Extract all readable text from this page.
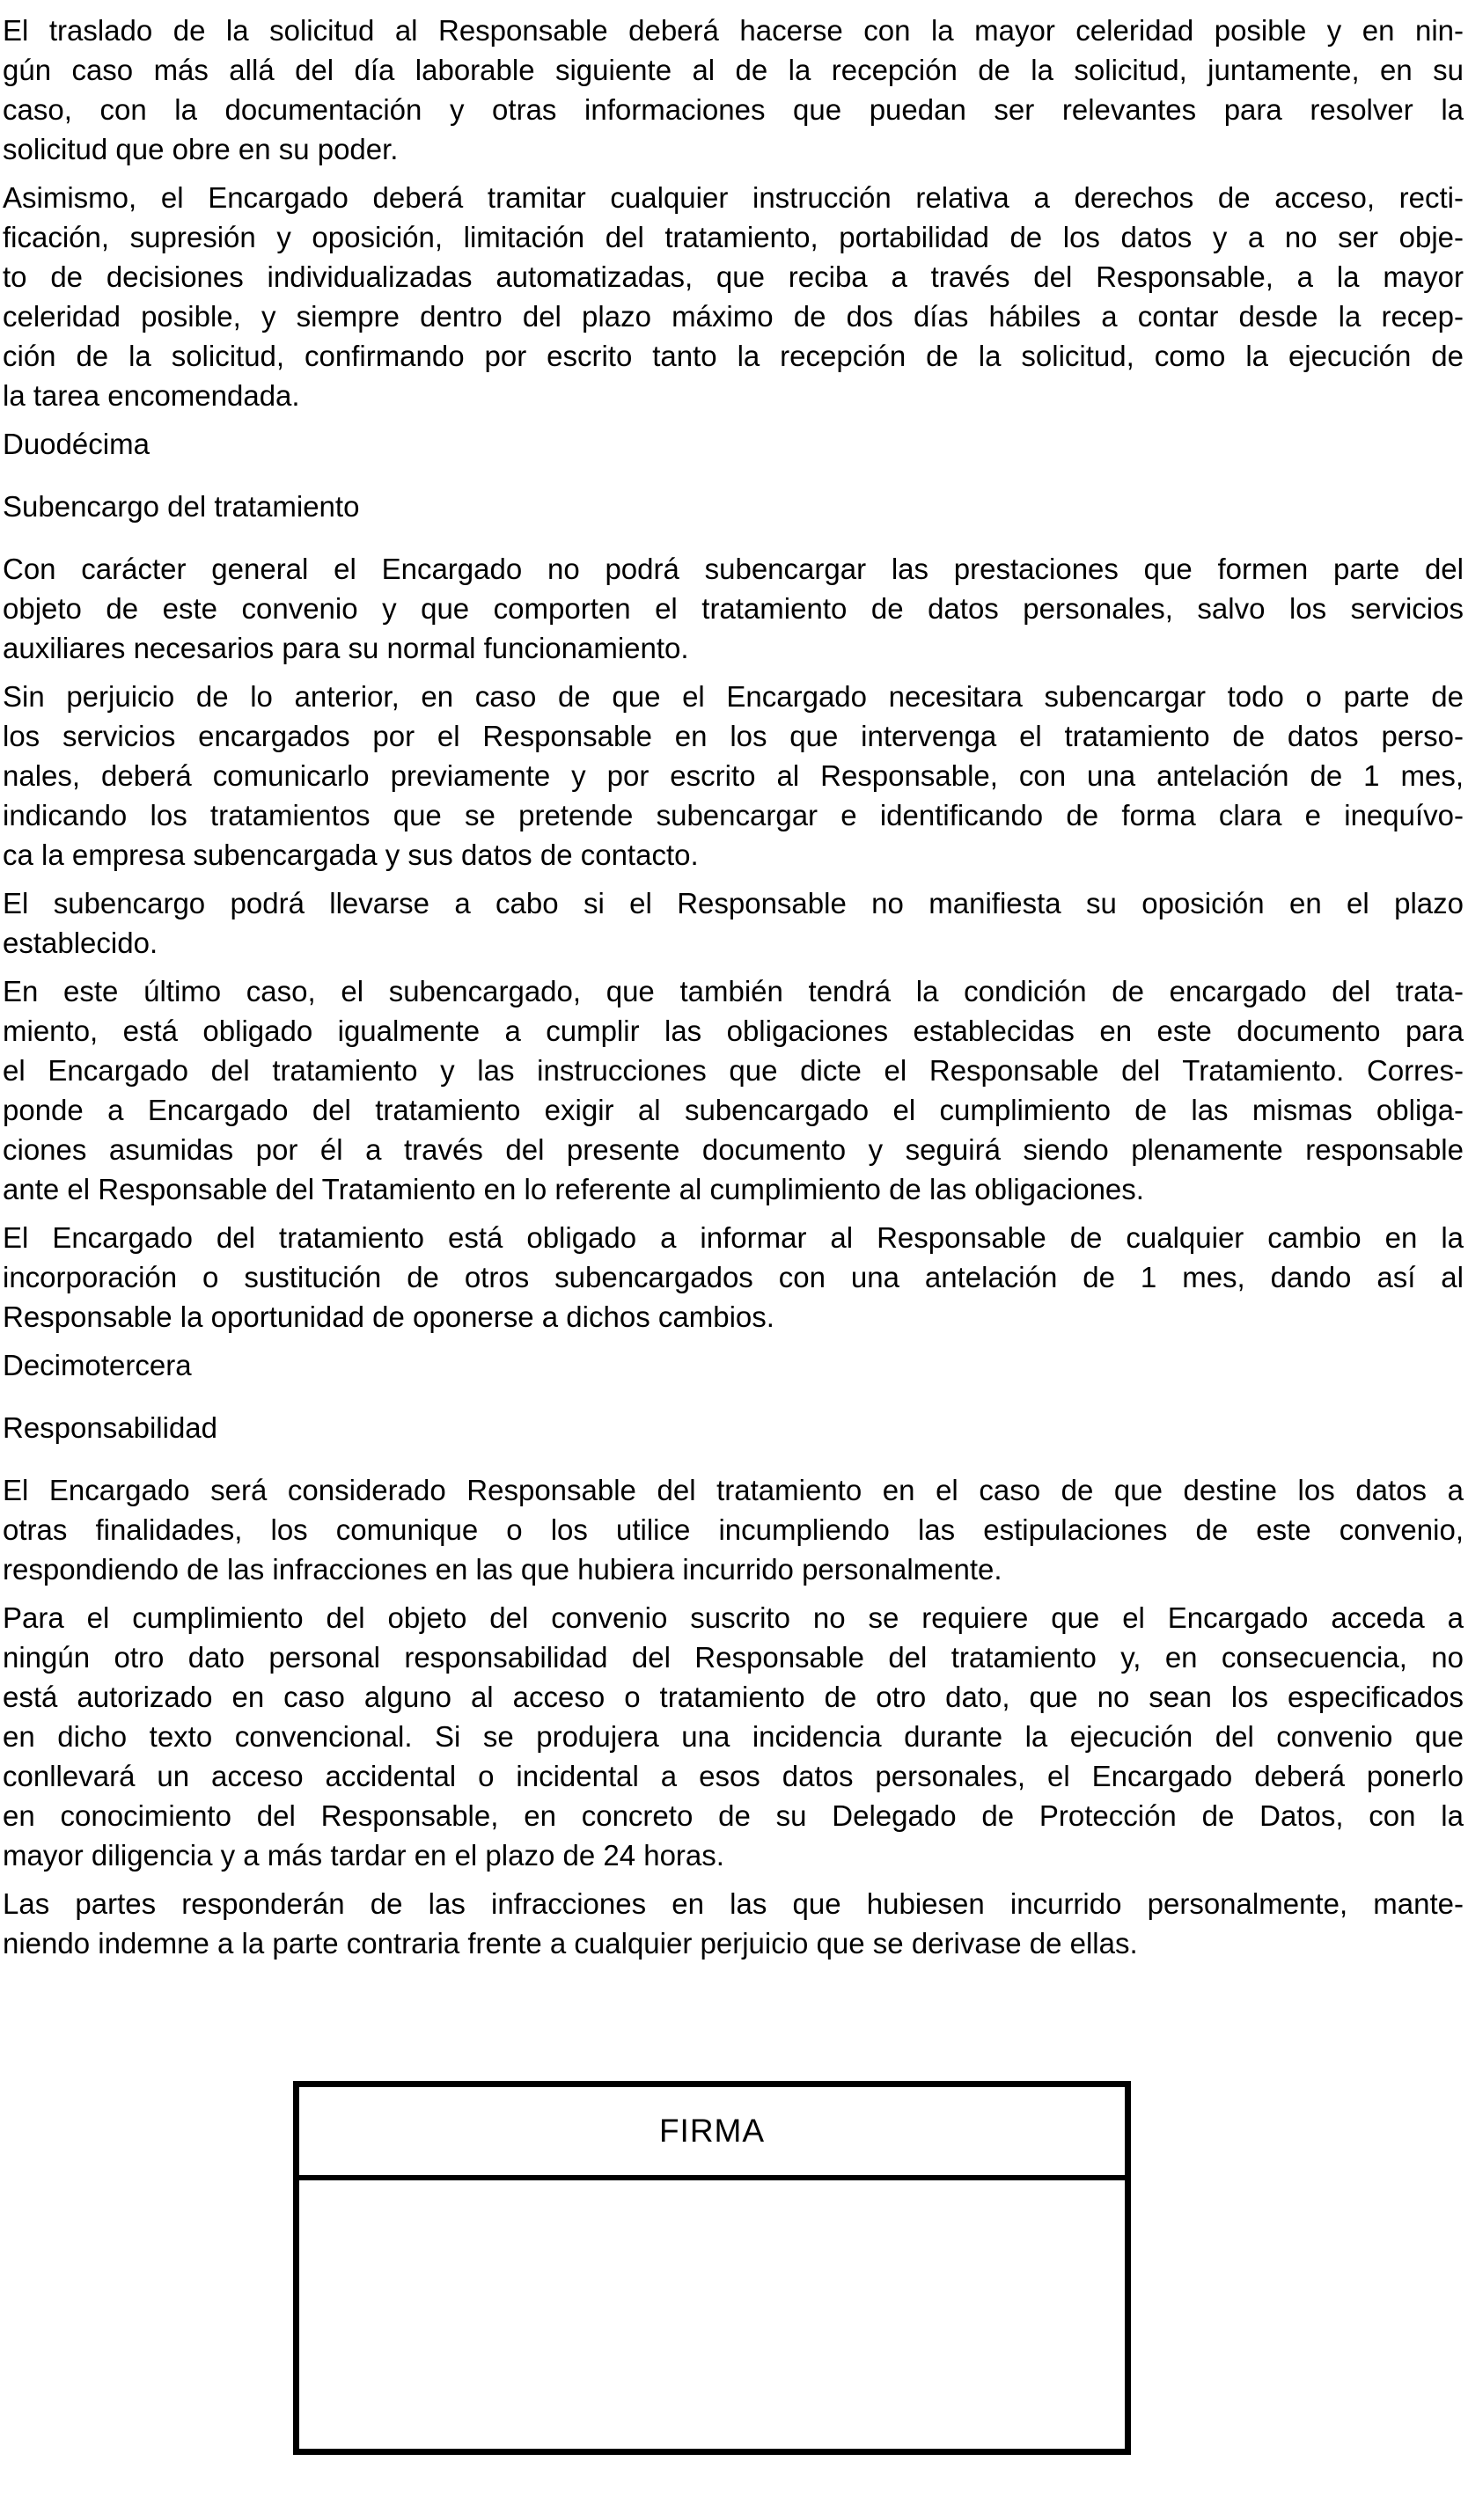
El traslado de la solicitud al Responsable deberá hacerse con la mayor celeridad posible y en nin-
gún caso más allá del día laborable siguiente al de la recepción de la solicitud, juntamente, en su
caso, con la documentación y otras informaciones que puedan ser relevantes para resolver la
solicitud que obre en su poder.
Asimismo, el Encargado deberá tramitar cualquier instrucción relativa a derechos de acceso, recti-
ficación, supresión y oposición, limitación del tratamiento, portabilidad de los datos y a no ser obje-
to de decisiones individualizadas automatizadas, que reciba a través del Responsable, a la mayor
celeridad posible, y siempre dentro del plazo máximo de dos días hábiles a contar desde la recep-
ción de la solicitud, confirmando por escrito tanto la recepción de la solicitud, como la ejecución de
la tarea encomendada.
Duodécima
Subencargo del tratamiento
Con carácter general el Encargado no podrá subencargar las prestaciones que formen parte del
objeto de este convenio y que comporten el tratamiento de datos personales, salvo los servicios
auxiliares necesarios para su normal funcionamiento.
Sin perjuicio de lo anterior, en caso de que el Encargado necesitara subencargar todo o parte de
los servicios encargados por el Responsable en los que intervenga el tratamiento de datos perso-
nales, deberá comunicarlo previamente y por escrito al Responsable, con una antelación de 1 mes,
indicando los tratamientos que se pretende subencargar e identificando de forma clara e inequívo-
ca la empresa subencargada y sus datos de contacto.
El subencargo podrá llevarse a cabo si el Responsable no manifiesta su oposición en el plazo
establecido.
En este último caso, el subencargado, que también tendrá la condición de encargado del trata-
miento, está obligado igualmente a cumplir las obligaciones establecidas en este documento para
el Encargado del tratamiento y las instrucciones que dicte el Responsable del Tratamiento. Corres-
ponde a Encargado del tratamiento exigir al subencargado el cumplimiento de las mismas obliga-
ciones asumidas por él a través del presente documento y seguirá siendo plenamente responsable
ante el Responsable del Tratamiento en lo referente al cumplimiento de las obligaciones.
El Encargado del tratamiento está obligado a informar al Responsable de cualquier cambio en la
incorporación o sustitución de otros subencargados con una antelación de 1 mes, dando así al
Responsable la oportunidad de oponerse a dichos cambios.
Decimotercera
Responsabilidad
El Encargado será considerado Responsable del tratamiento en el caso de que destine los datos a
otras finalidades, los comunique o los utilice incumpliendo las estipulaciones de este convenio,
respondiendo de las infracciones en las que hubiera incurrido personalmente.
Para el cumplimiento del objeto del convenio suscrito no se requiere que el Encargado acceda a
ningún otro dato personal responsabilidad del Responsable del tratamiento y, en consecuencia, no
está autorizado en caso alguno al acceso o tratamiento de otro dato, que no sean los especificados
en dicho texto convencional. Si se produjera una incidencia durante la ejecución del convenio que
conllevará un acceso accidental o incidental a esos datos personales, el Encargado deberá ponerlo
en conocimiento del Responsable, en concreto de su Delegado de Protección de Datos, con la
mayor diligencia y a más tardar en el plazo de 24 horas.
Las partes responderán de las infracciones en las que hubiesen incurrido personalmente, mante-
niendo indemne a la parte contraria frente a cualquier perjuicio que se derivase de ellas.
FIRMA
